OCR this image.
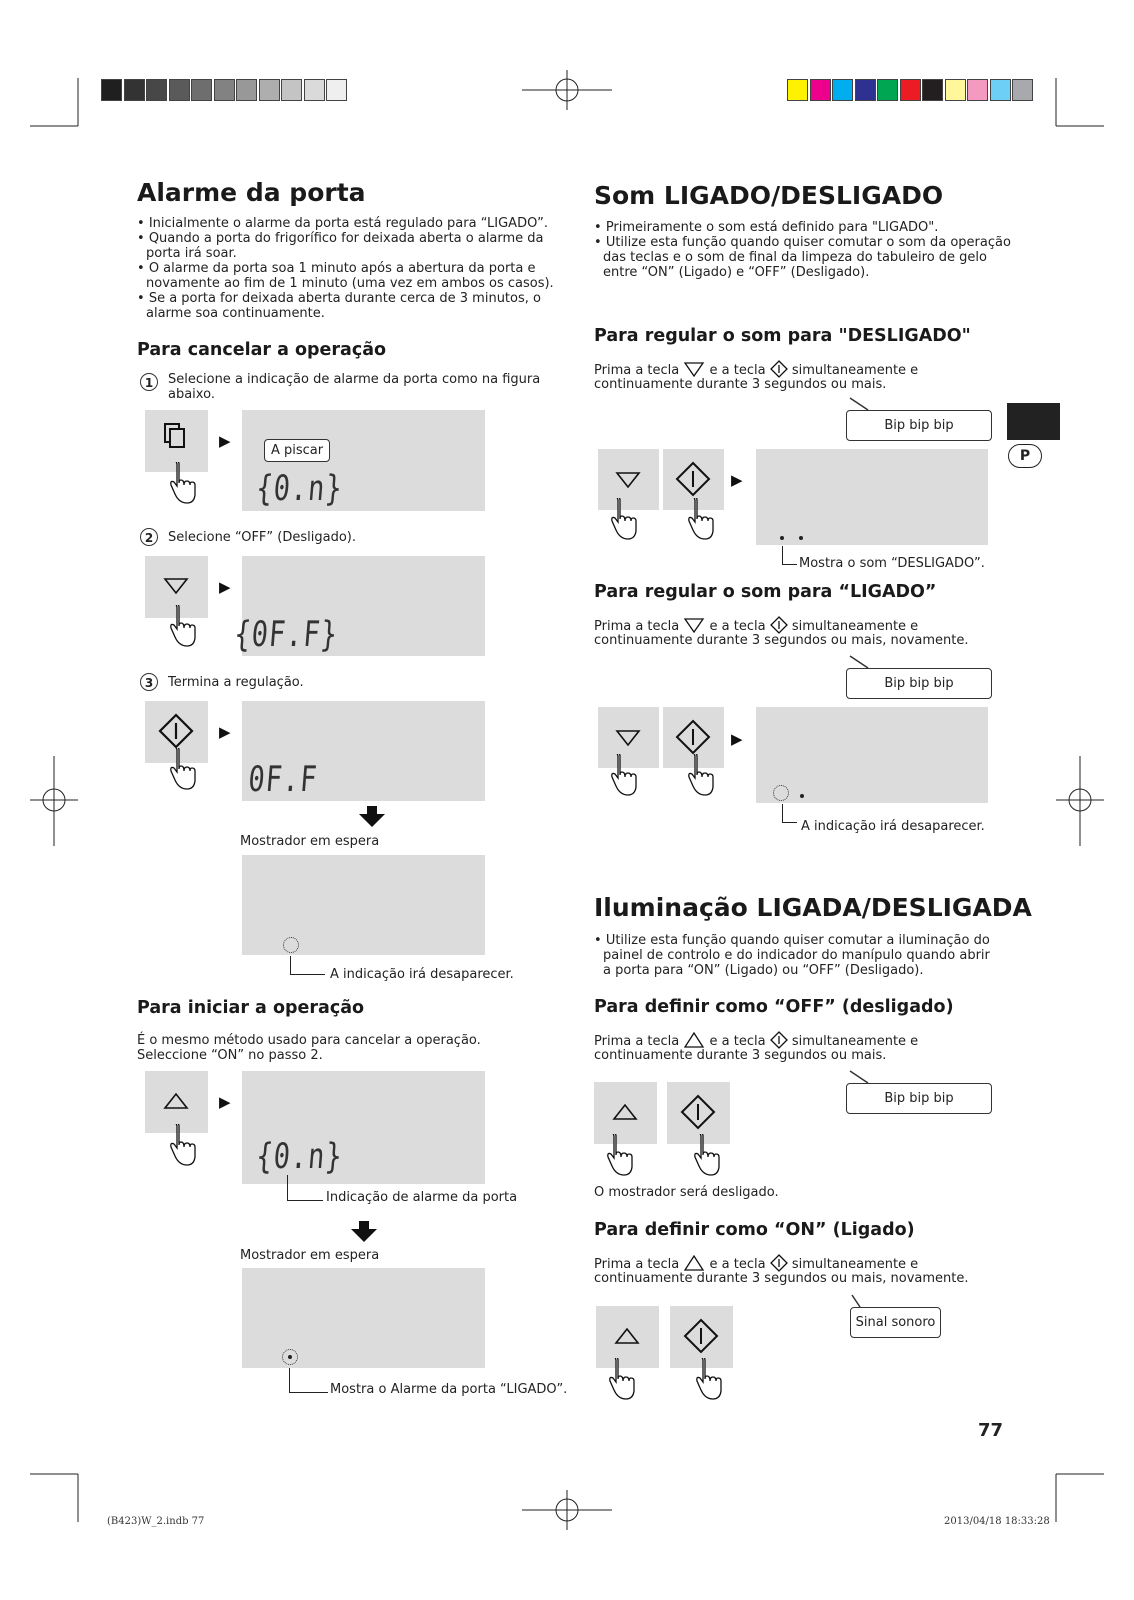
Alarme da porta
• Inicialmente o alarme da porta está regulado para “LIGADO”.
• Quando a porta do frigorífico for deixada aberta o alarme da porta irá soar.
• O alarme da porta soa 1 minuto após a abertura da porta e novamente ao fim de 1 minuto (uma vez em ambos os casos).
• Se a porta for deixada aberta durante cerca de 3 minutos, o alarme soa continuamente.
Para cancelar a operação
1	Selecione a indicação de alarme da porta como na figura abaixo.
▶
A piscar
{0.n}
2	Selecione “OFF” (Desligado).
▶
{0F.F}
3	Termina a regulação.
▶
0F.F
Mostrador em espera
A indicação irá desaparecer.
Para iniciar a operação
É o mesmo método usado para cancelar a operação.
Seleccione “ON” no passo 2.
▶
{0.n}
Indicação de alarme da porta
Mostrador em espera
Mostra o Alarme da porta “LIGADO”.
Som LIGADO/DESLIGADO
• Primeiramente o som está definido para "LIGADO".
• Utilize esta função quando quiser comutar o som da operação das teclas e o som de final da limpeza do tabuleiro de gelo entre “ON” (Ligado) e “OFF” (Desligado).
Para regular o som para "DESLIGADO"
Prima a tecla e a tecla simultaneamente e
continuamente durante 3 segundos ou mais.
Bip bip bip
▶
Mostra o som “DESLIGADO”.
Para regular o som para “LIGADO”
Prima a tecla e a tecla simultaneamente e
continuamente durante 3 segundos ou mais, novamente.
Bip bip bip
▶
A indicação irá desaparecer.
Iluminação LIGADA/DESLIGADA
• Utilize esta função quando quiser comutar a iluminação do painel de controlo e do indicador do manípulo quando abrir a porta para “ON” (Ligado) ou “OFF” (Desligado).
Para definir como “OFF” (desligado)
Prima a tecla e a tecla simultaneamente e
continuamente durante 3 segundos ou mais.
Bip bip bip
O mostrador será desligado.
Para definir como “ON” (Ligado)
Prima a tecla e a tecla simultaneamente e
continuamente durante 3 segundos ou mais, novamente.
Sinal sonoro
P
77
(B423)W_2.indb 77	2013/04/18 18:33:28
